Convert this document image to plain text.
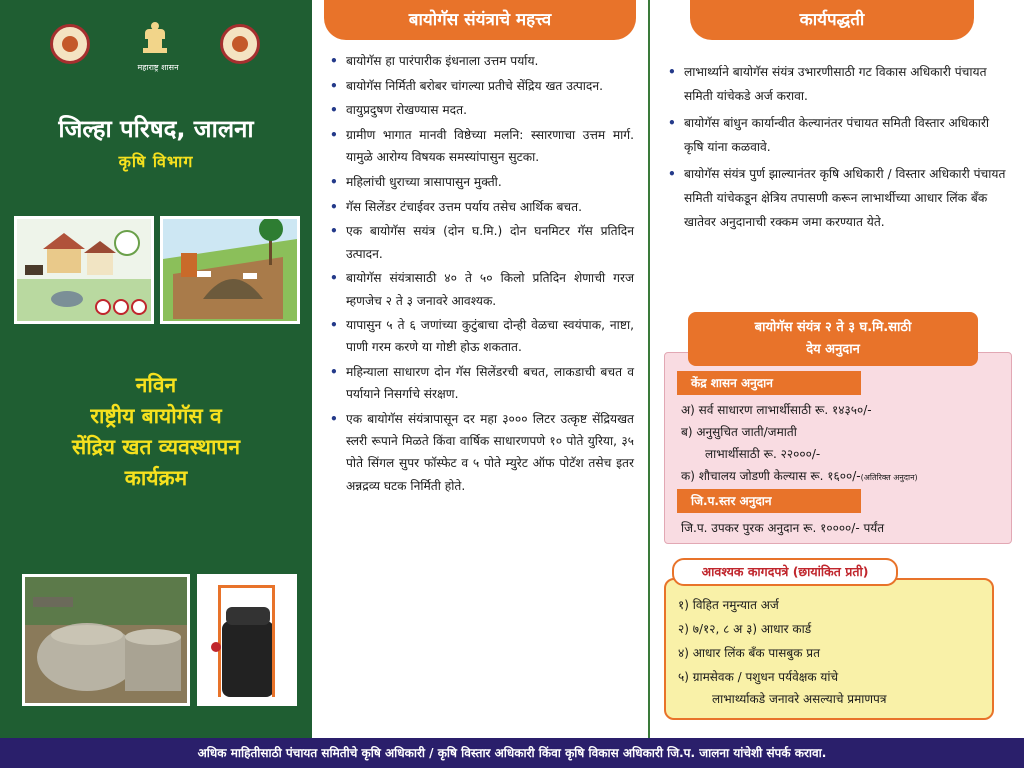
महाराष्ट्र शासन
जिल्हा परिषद, जालना
कृषि विभाग
नविन
राष्ट्रीय बायोगॅस व
सेंद्रिय खत व्यवस्थापन
कार्यक्रम
बायोगॅस संयंत्राचे महत्त्व
• बायोगॅस हा पारंपारीक इंधनाला उत्तम पर्याय.
• बायोगॅस निर्मिती बरोबर चांगल्या प्रतीचे सेंद्रिय खत उत्पादन.
• वायुप्रदुषण रोखण्यास मदत.
• ग्रामीण भागात मानवी विष्ठेच्या मलनि: स्सारणाचा उत्तम मार्ग. यामुळे आरोग्य विषयक समस्यांपासुन सुटका.
• महिलांची धुराच्या त्रासापासुन मुक्ती.
• गॅस सिलेंडर टंचाईवर उत्तम पर्याय तसेच आर्थिक बचत.
• एक बायोगॅस सयंत्र (दोन घ.मि.) दोन घनमिटर गॅस प्रतिदिन उत्पादन.
• बायोगॅस संयंत्रासाठी ४० ते ५० किलो प्रतिदिन शेणाची गरज म्हणजेच २ ते ३ जनावरे आवश्यक.
• यापासुन ५ ते ६ जणांच्या कुटुंबाचा दोन्ही वेळचा स्वयंपाक, नाष्टा, पाणी गरम करणे या गोष्टी होऊ शकतात.
• महिन्याला साधारण दोन गॅस सिलेंडरची बचत, लाकडाची बचत व पर्यायाने निसर्गाचे संरक्षण.
• एक बायोगॅस संयंत्रापासून दर महा ३००० लिटर उत्कृष्ट सेंद्रियखत स्लरी रूपाने मिळते किंवा वार्षिक साधारणपणे १० पोते युरिया, ३५ पोते सिंगल सुपर फॉस्फेट व ५ पोते म्युरेट ऑफ पोटॅश तसेच इतर अन्नद्रव्य घटक निर्मिती होते.
कार्यपद्धती
• लाभार्थ्याने बायोगॅस संयंत्र उभारणीसाठी गट विकास अधिकारी पंचायत समिती यांचेकडे अर्ज करावा.
• बायोगॅस बांधुन कार्यान्वीत केल्यानंतर पंचायत समिती विस्तार अधिकारी कृषि यांना कळवावे.
• बायोगॅस संयंत्र पुर्ण झाल्यानंतर कृषि अधिकारी / विस्तार अधिकारी पंचायत समिती यांचेकडून क्षेत्रिय तपासणी करून लाभार्थीच्या आधार लिंक बँक खातेवर अनुदानाची रक्कम जमा करण्यात येते.
केंद्र शासन अनुदान
अ) सर्व साधारण लाभार्थीसाठी रू. १४३५०/-
ब) अनुसुचित जाती/जमाती
लाभार्थीसाठी रू. २२०००/-
क) शौचालय जोडणी केल्यास रू. १६००/-(अतिरिक्त अनुदान)
जि.प.स्तर अनुदान
जि.प. उपकर पुरक अनुदान रू. १००००/- पर्यंत
बायोगॅस संयंत्र २ ते ३ घ.मि.साठी
देय अनुदान
१) विहित नमुन्यात अर्ज
२) ७/१२, ८ अ ३) आधार कार्ड
४) आधार लिंक बँक पासबुक प्रत
५) ग्रामसेवक / पशुधन पर्यवेक्षक यांचे
लाभार्थ्याकडे जनावरे असल्याचे प्रमाणपत्र
आवश्यक कागदपत्रे (छायांकित प्रती)
अधिक माहितीसाठी पंचायत समितीचे कृषि अधिकारी / कृषि विस्तार अधिकारी किंवा कृषि विकास अधिकारी जि.प. जालना यांचेशी संपर्क करावा.
